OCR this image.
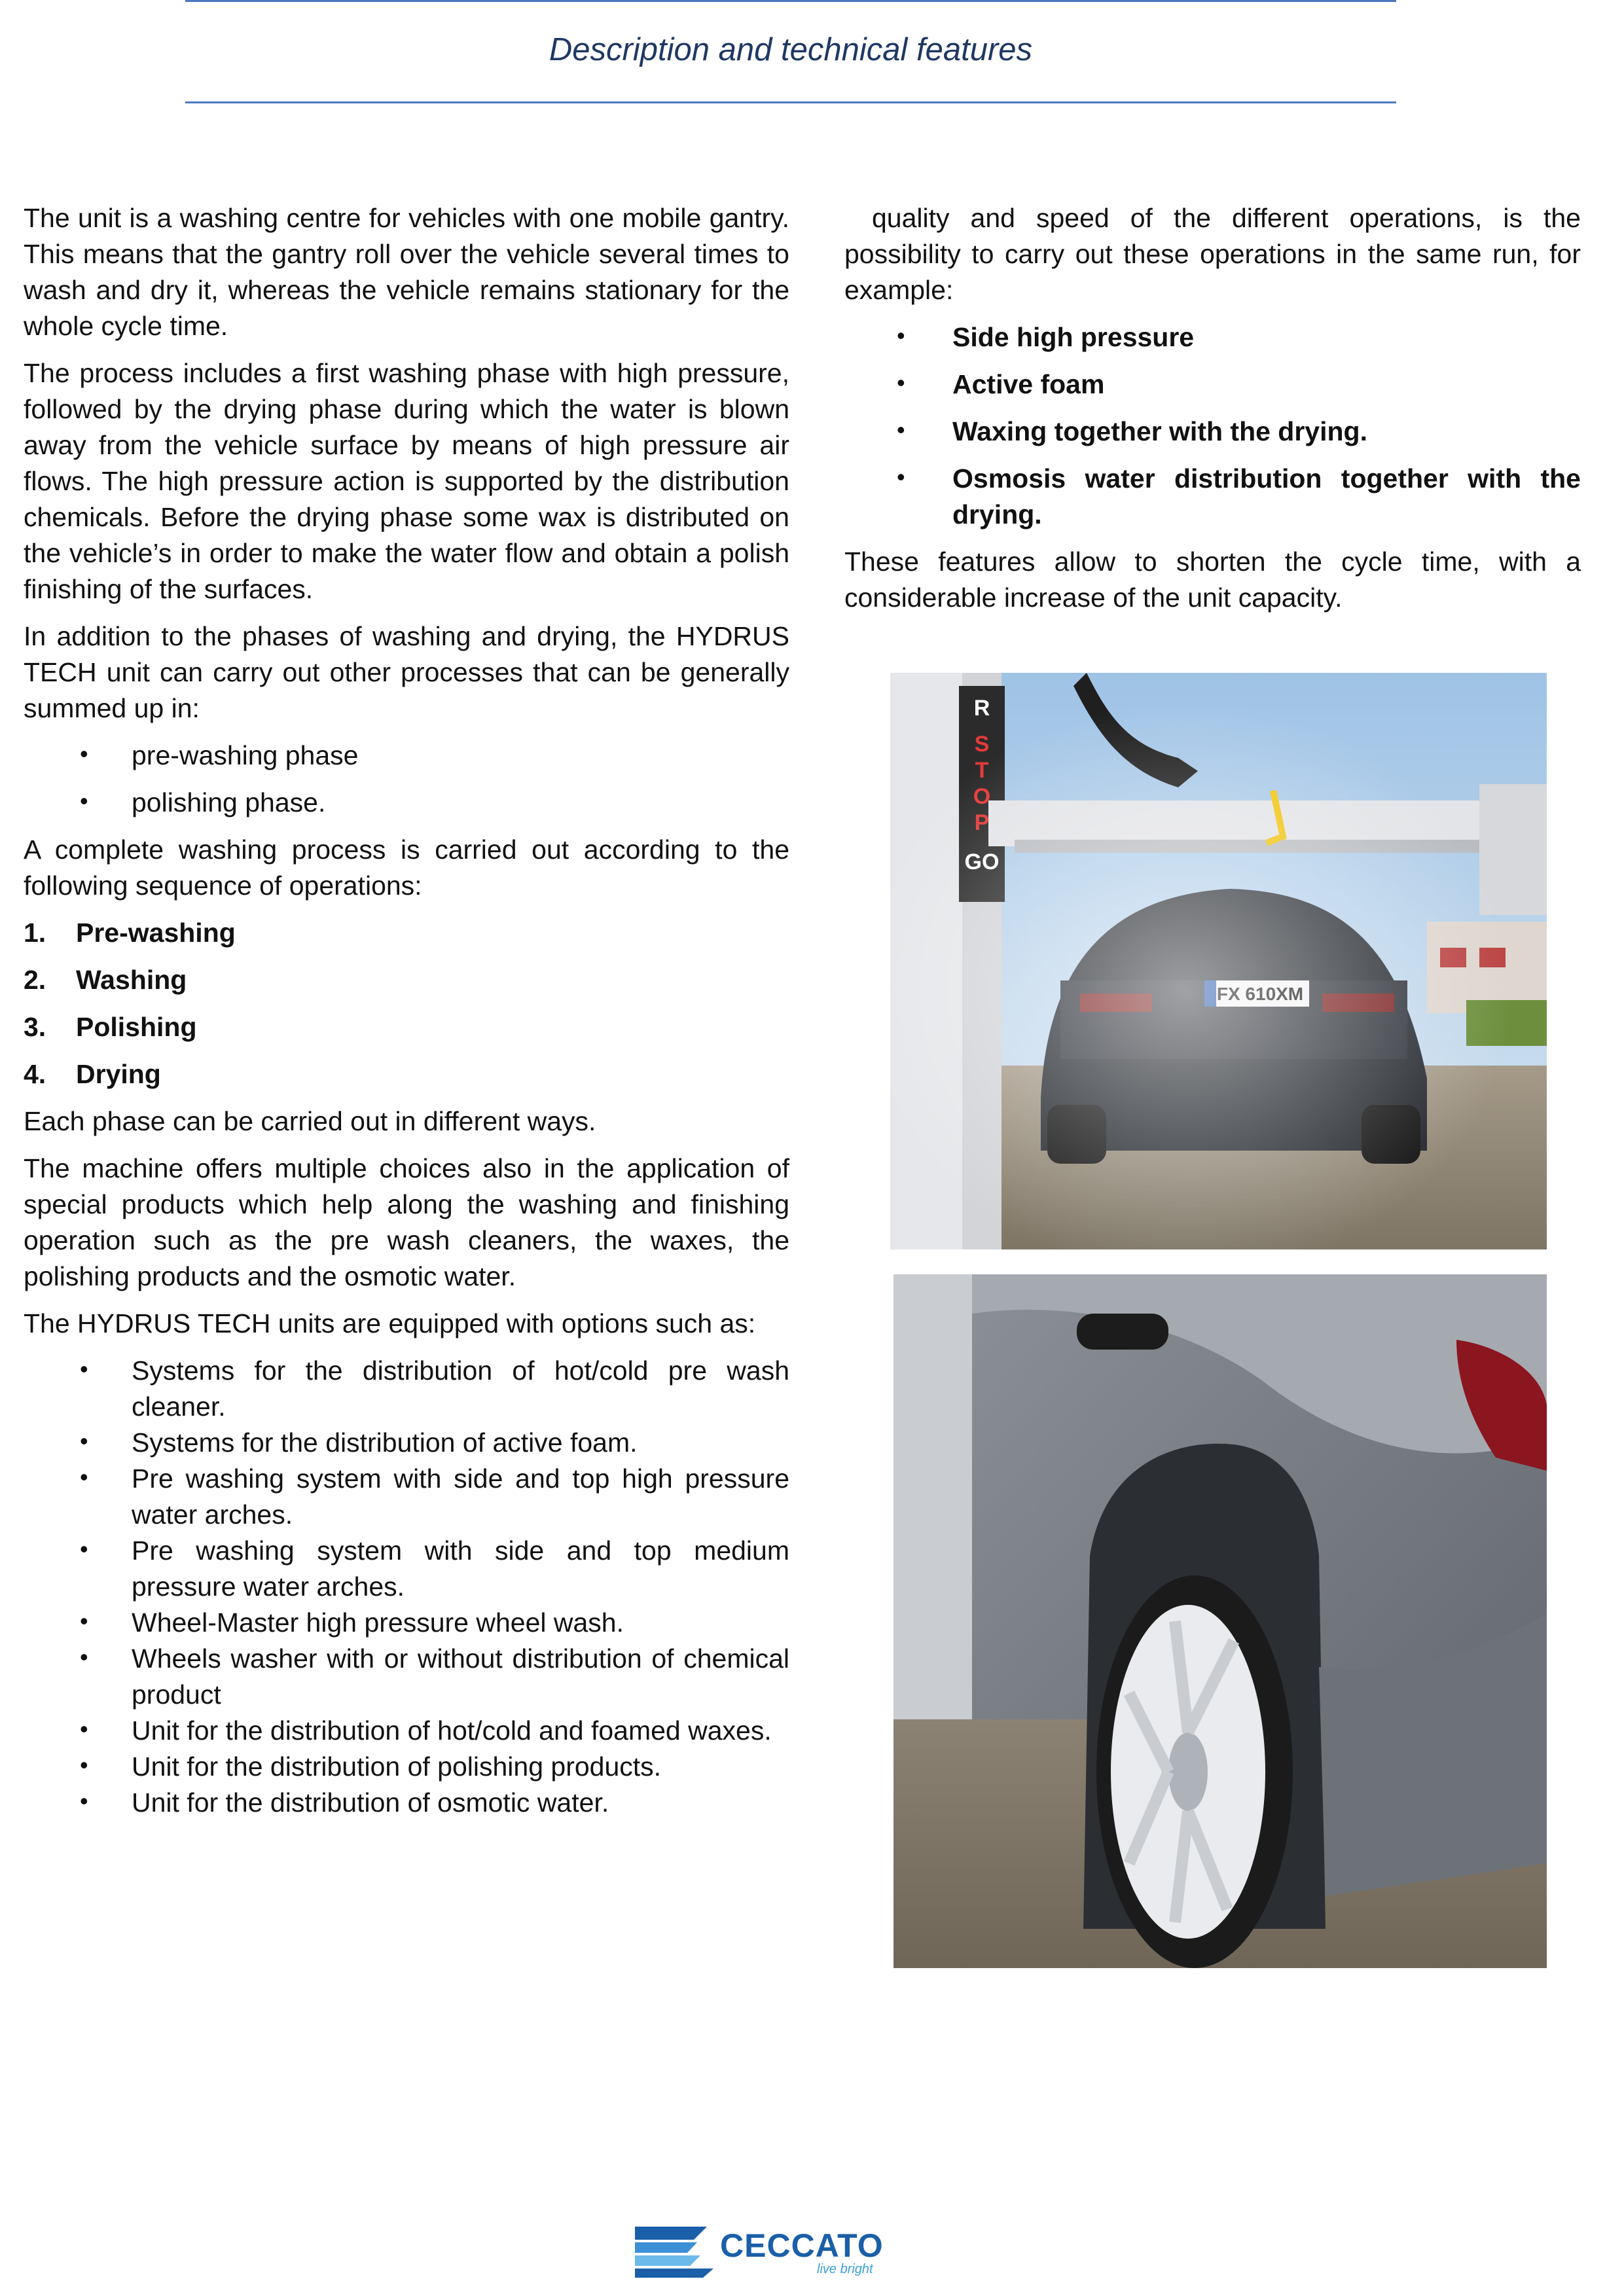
Description and technical features

The unit is a washing centre for vehicles with one mobile gantry. This means that the gantry roll over the vehicle several times to wash and dry it, whereas the vehicle remains stationary for the whole cycle time.

The process includes a first washing phase with high pressure, followed by the drying phase during which the water is blown away from the vehicle surface by means of high pressure air flows. The high pressure action is supported by the distribution chemicals. Before the drying phase some wax is distributed on the vehicle’s in order to make the water flow and obtain a polish finishing of the surfaces.

In addition to the phases of washing and drying, the HYDRUS TECH unit can carry out other processes that can be generally summed up in:

• pre-washing phase
• polishing phase.

A complete washing process is carried out according to the following sequence of operations:

1. Pre-washing
2. Washing
3. Polishing
4. Drying

Each phase can be carried out in different ways.

The machine offers multiple choices also in the application of special products which help along the washing and finishing operation such as the pre wash cleaners, the waxes, the polishing products and the osmotic water.

The HYDRUS TECH units are equipped with options such as:

• Systems for the distribution of hot/cold pre wash cleaner.
• Systems for the distribution of active foam.
• Pre washing system with side and top high pressure water arches.
• Pre washing system with side and top medium pressure water arches.
• Wheel-Master high pressure wheel wash.
• Wheels washer with or without distribution of chemical product
• Unit for the distribution of hot/cold and foamed waxes.
• Unit for the distribution of polishing products.
• Unit for the distribution of osmotic water.

quality and speed of the different operations, is the possibility to carry out these operations in the same run, for example:

• Side high pressure
• Active foam
• Waxing together with the drying.
• Osmosis water distribution together with the drying.

These features allow to shorten the cycle time, with a considerable increase of the unit capacity.

CECCATO
live bright
